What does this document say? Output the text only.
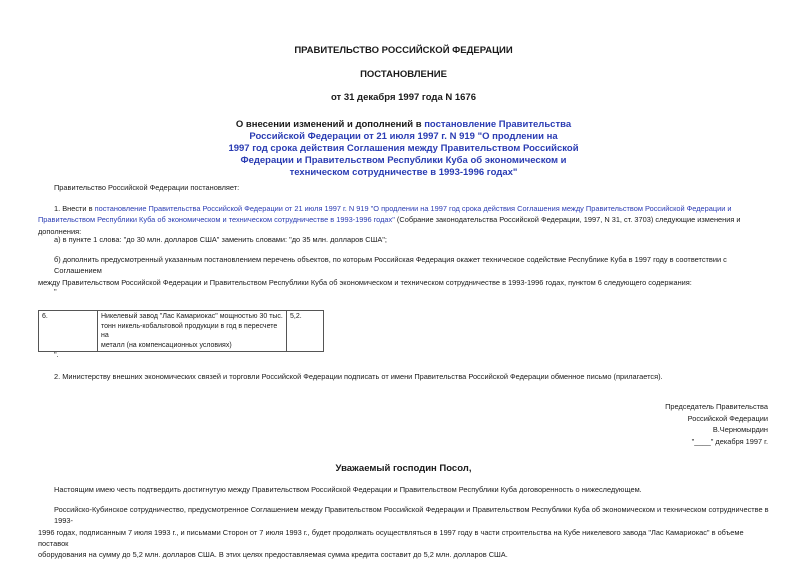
ПРАВИТЕЛЬСТВО РОССИЙСКОЙ ФЕДЕРАЦИИ
ПОСТАНОВЛЕНИЕ
от 31 декабря 1997 года N 1676
О внесении изменений и дополнений в постановление Правительства
Российской Федерации от 21 июля 1997 г. N 919 "О продлении на
1997 год срока действия Соглашения между Правительством Российской
Федерации и Правительством Республики Куба об экономическом и
техническом сотрудничестве в 1993-1996 годах"
Правительство Российской Федерации постановляет:
1. Внести в постановление Правительства Российской Федерации от 21 июля 1997 г. N 919 "О продлении на 1997 год срока действия Соглашения между Правительством Российской Федерации и
Правительством Республики Куба об экономическом и техническом сотрудничестве в 1993-1996 годах" (Собрание законодательства Российской Федерации, 1997, N 31, ст. 3703) следующие изменения и дополнения:
а) в пункте 1 слова: "до 30 млн. долларов США" заменить словами: "до 35 млн. долларов США";
б) дополнить предусмотренный указанным постановлением перечень объектов, по которым Российская Федерация окажет техническое содействие Республике Куба в 1997 году в соответствии с Соглашением
между Правительством Российской Федерации и Правительством Республики Куба об экономическом и техническом сотрудничестве в 1993-1996 годах, пунктом 6 следующего содержания:
"
6.	Никелевый завод "Лас Камариокас" мощностью 30 тыс.
тонн никель-кобальтовой продукции в год в пересчете на
металл (на компенсационных условиях)
	5,2.
".
2. Министерству внешних экономических связей и торговли Российской Федерации подписать от имени Правительства Российской Федерации обменное письмо (прилагается).
Председатель Правительства
Российской Федерации
В.Черномырдин
"____" декабря 1997 г.
Уважаемый господин Посол,
Настоящим имею честь подтвердить достигнутую между Правительством Российской Федерации и Правительством Республики Куба договоренность о нижеследующем.
Российско-Кубинское сотрудничество, предусмотренное Соглашением между Правительством Российской Федерации и Правительством Республики Куба об экономическом и техническом сотрудничестве в 1993-
1996 годах, подписанным 7 июля 1993 г., и письмами Сторон от 7 июля 1993 г., будет продолжать осуществляться в 1997 году в части строительства на Кубе никелевого завода "Лас Камариокас" в объеме поставок
оборудования на сумму до 5,2 млн. долларов США. В этих целях предоставляемая сумма кредита составит до 5,2 млн. долларов США.
